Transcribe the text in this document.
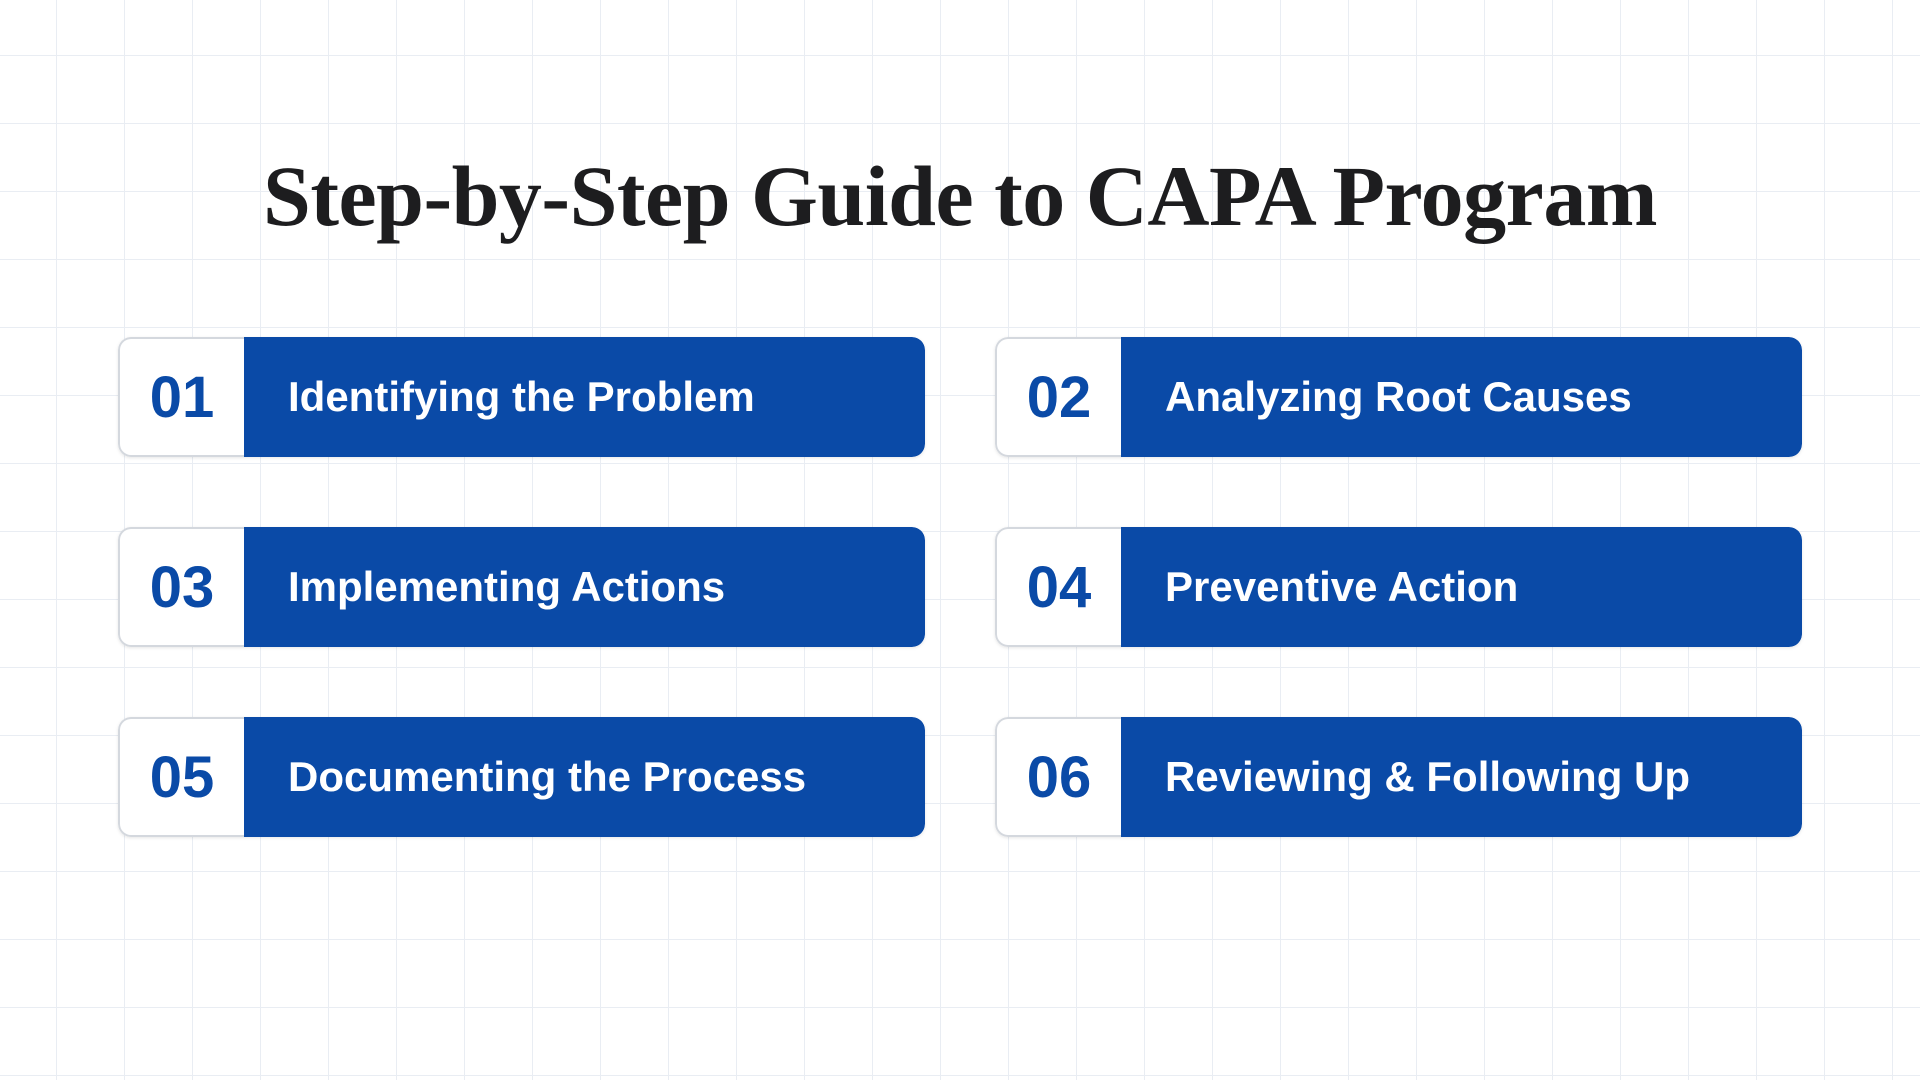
Step-by-Step Guide to CAPA Program
01	Identifying the Problem	02	Analyzing Root Causes
03	Implementing Actions	04	Preventive Action
05	Documenting the Process	06	Reviewing & Following Up
